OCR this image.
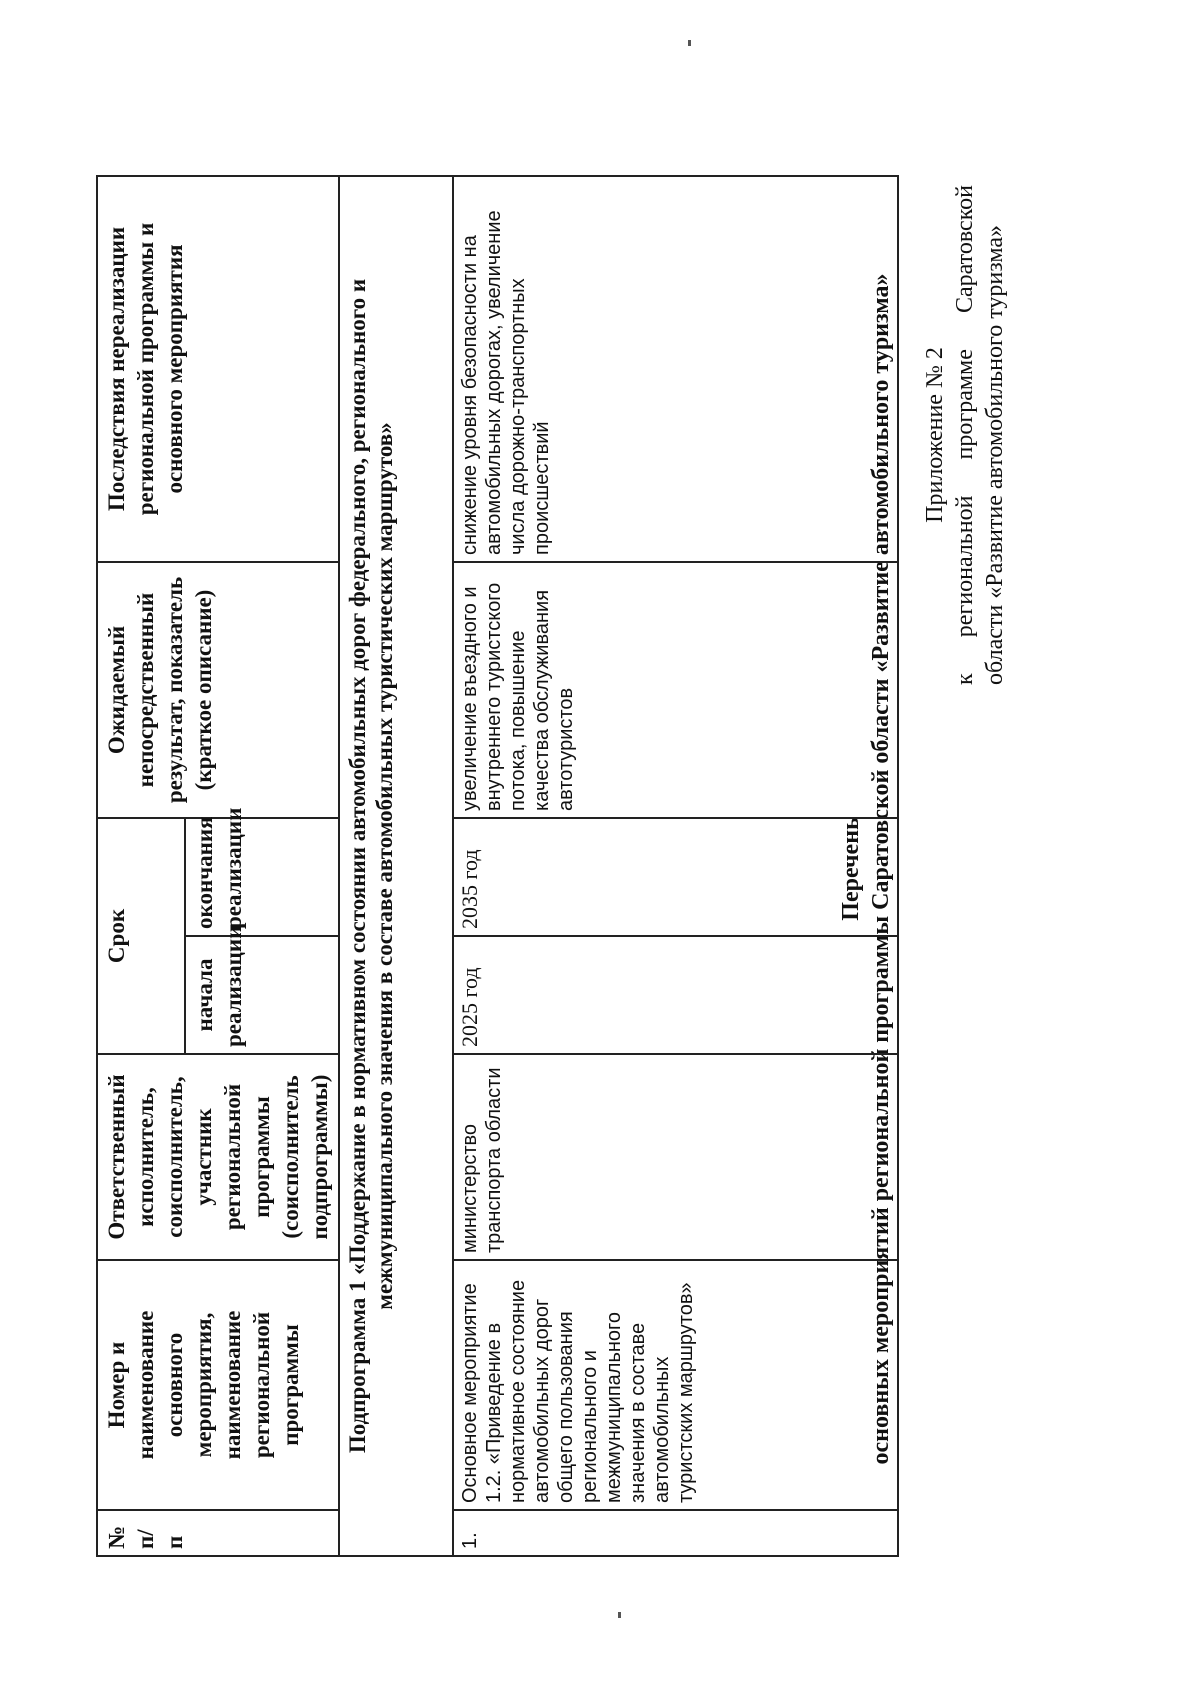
Приложение № 2
к
региональной
программе
Саратовской области «Развитие автомобильного туризма»
Перечень основных мероприятий региональной программы Саратовской области «Развитие автомобильного туризма»
№ п/п	Номер и наименование основного мероприятия, наименование региональной программы	Ответственный исполнитель, соисполнитель, участник региональной программы (соисполнитель подпрограммы)	Срок		Ожидаемый непосредственный результат, показатель (краткое описание)	Последствия нереализации региональной программы и основного мероприятия
			начала реализации	окончания реализации		
Подпрограмма 1 «Поддержание в нормативном состоянии автомобильных дорог федерального, регионального и межмуниципального значения в составе автомобильных туристических маршрутов»						
1.	Основное мероприятие 1.2. «Приведение в нормативное состояние автомобильных дорог общего пользования регионального и межмуниципального значения в составе автомобильных туристских маршрутов»	министерство транспорта области	2025 год	2035 год	увеличение въездного и внутреннего туристского потока, повышение качества обслуживания автотуристов	снижение уровня безопасности на автомобильных дорогах, увеличение числа дорожно-транспортных происшествий
